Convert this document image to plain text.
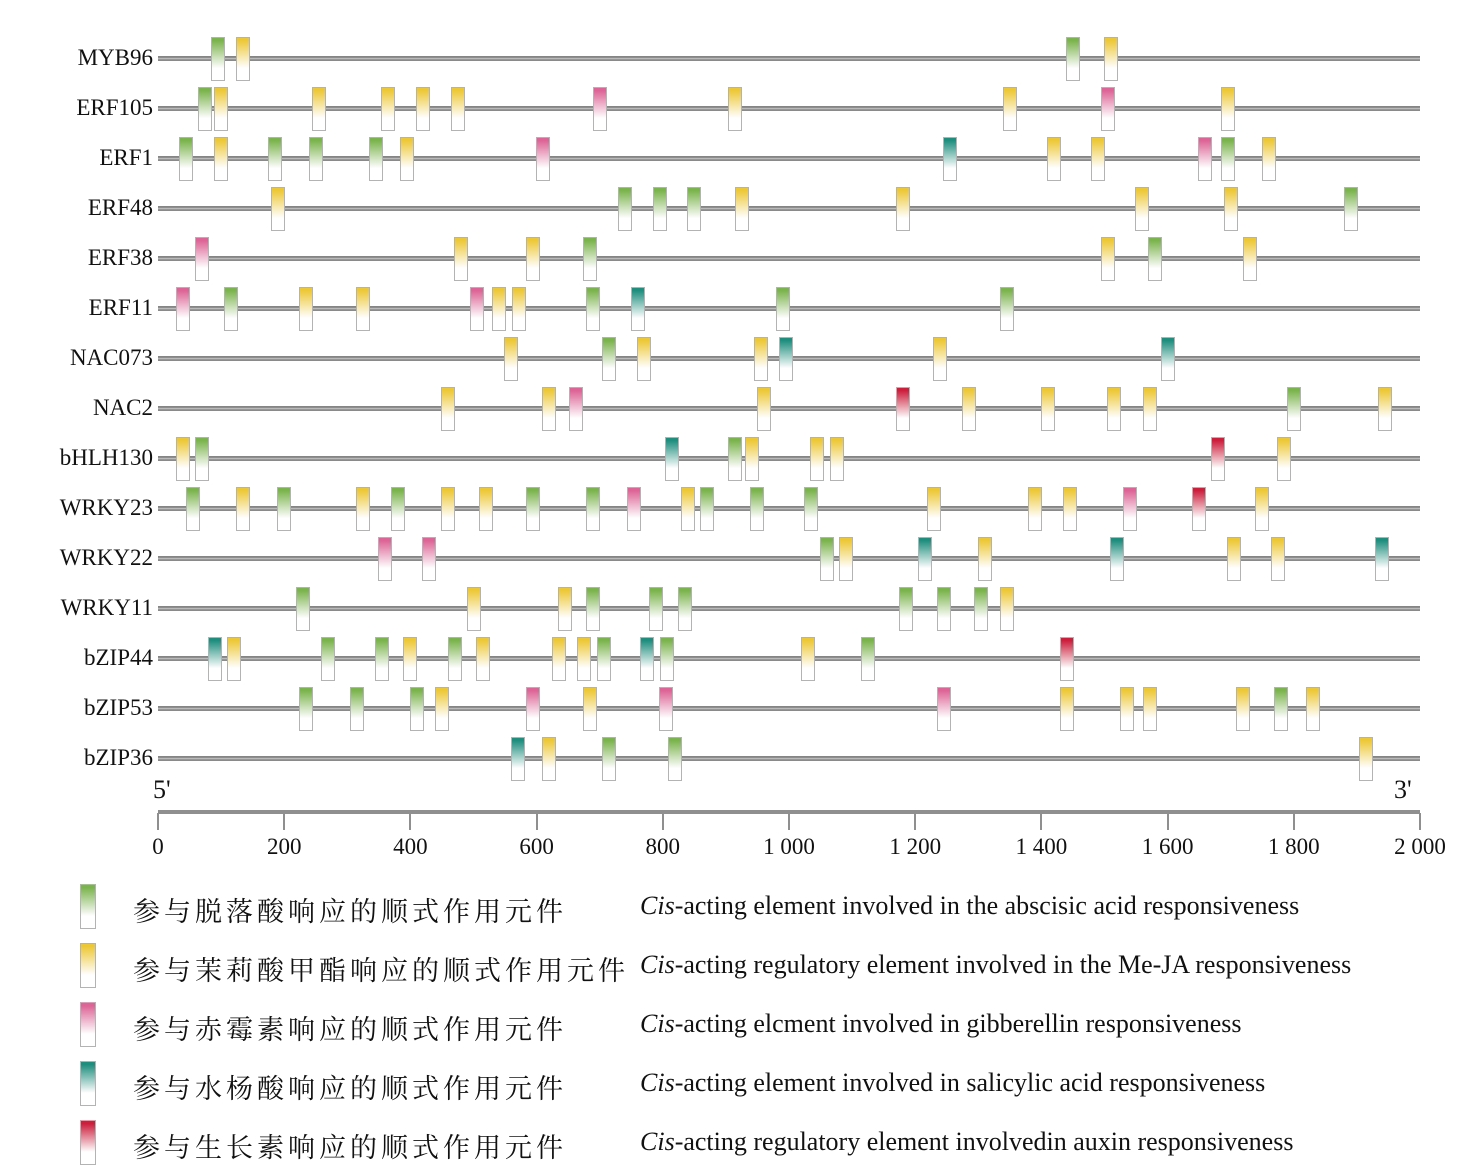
MYB96
ERF105
ERF1
ERF48
ERF38
ERF11
NAC073
NAC2
bHLH130
WRKY23
WRKY22
WRKY11
bZIP44
bZIP53
bZIP36
5'	3'
0	200	400	600	800	1 000	1 200	1 400	1 600	1 800	2 000
参与脱落酸响应的顺式作用元件	Cis-acting element involved in the abscisic acid responsiveness
参与茉莉酸甲酯响应的顺式作用元件 Cis-acting regulatory element involved in the Me-JA responsiveness
参与赤霉素响应的顺式作用元件	Cis-acting elcment involved in gibberellin responsiveness
参与水杨酸响应的顺式作用元件	Cis-acting element involved in salicylic acid responsiveness
参与生长素响应的顺式作用元件	Cis-acting regulatory element involvedin auxin responsiveness
